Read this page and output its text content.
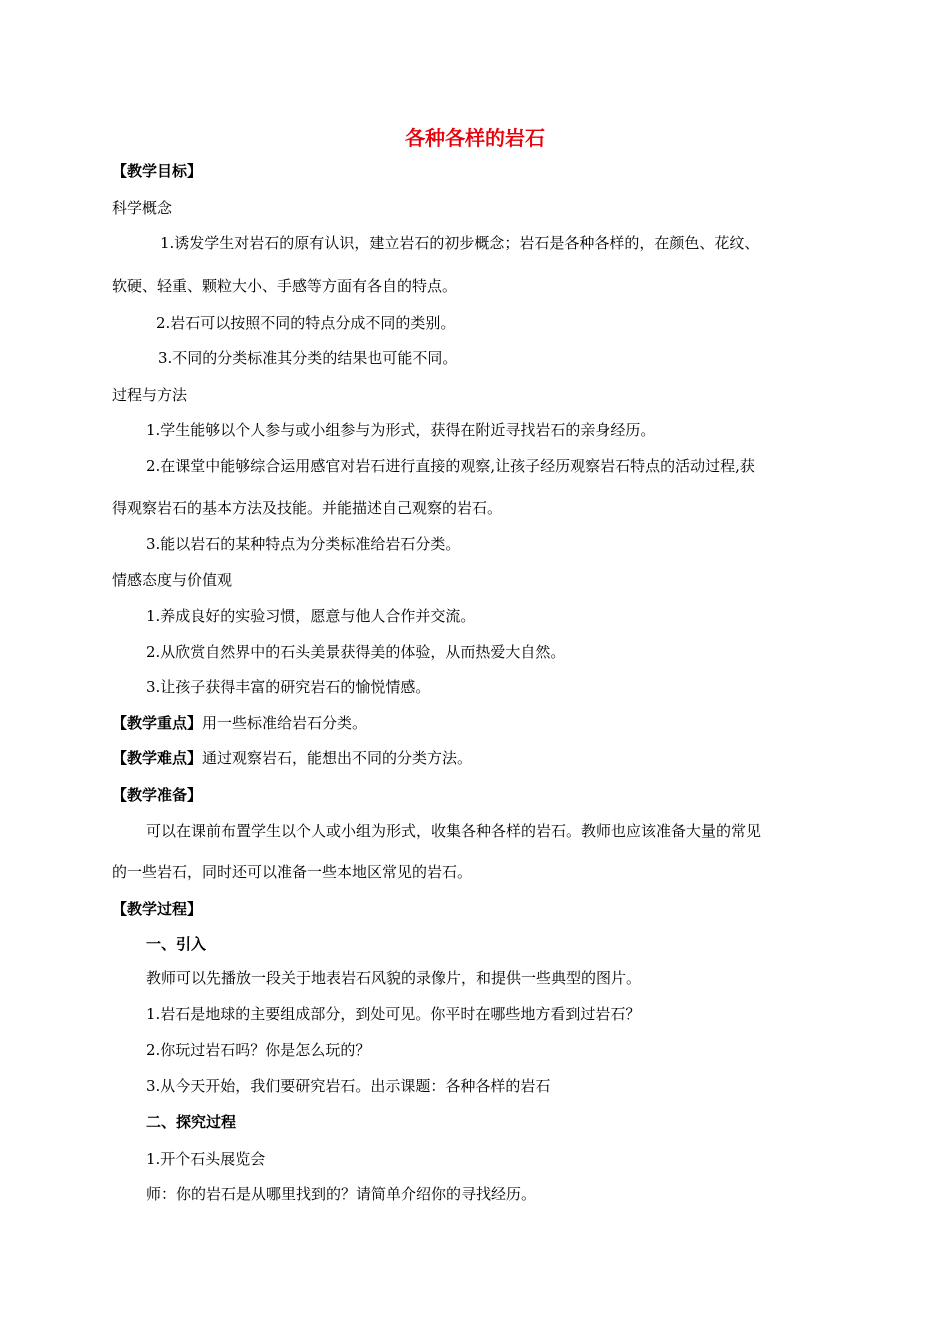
各种各样的岩石
【教学目标】
科学概念
1.诱发学生对岩石的原有认识，建立岩石的初步概念；岩石是各种各样的，在颜色、花纹、
软硬、轻重、颗粒大小、手感等方面有各自的特点。
2.岩石可以按照不同的特点分成不同的类别。
3.不同的分类标准其分类的结果也可能不同。
过程与方法
1.学生能够以个人参与或小组参与为形式，获得在附近寻找岩石的亲身经历。
2.在课堂中能够综合运用感官对岩石进行直接的观察,让孩子经历观察岩石特点的活动过程,获
得观察岩石的基本方法及技能。并能描述自己观察的岩石。
3.能以岩石的某种特点为分类标准给岩石分类。
情感态度与价值观
1.养成良好的实验习惯，愿意与他人合作并交流。
2.从欣赏自然界中的石头美景获得美的体验，从而热爱大自然。
3.让孩子获得丰富的研究岩石的愉悦情感。
【教学重点】用一些标准给岩石分类。
【教学难点】通过观察岩石，能想出不同的分类方法。
【教学准备】
可以在课前布置学生以个人或小组为形式，收集各种各样的岩石。教师也应该准备大量的常见
的一些岩石，同时还可以准备一些本地区常见的岩石。
【教学过程】
一、引入
教师可以先播放一段关于地表岩石风貌的录像片，和提供一些典型的图片。
1.岩石是地球的主要组成部分，到处可见。你平时在哪些地方看到过岩石？
2.你玩过岩石吗？你是怎么玩的？
3.从今天开始，我们要研究岩石。出示课题：各种各样的岩石
二、探究过程
1.开个石头展览会
师：你的岩石是从哪里找到的？请简单介绍你的寻找经历。
